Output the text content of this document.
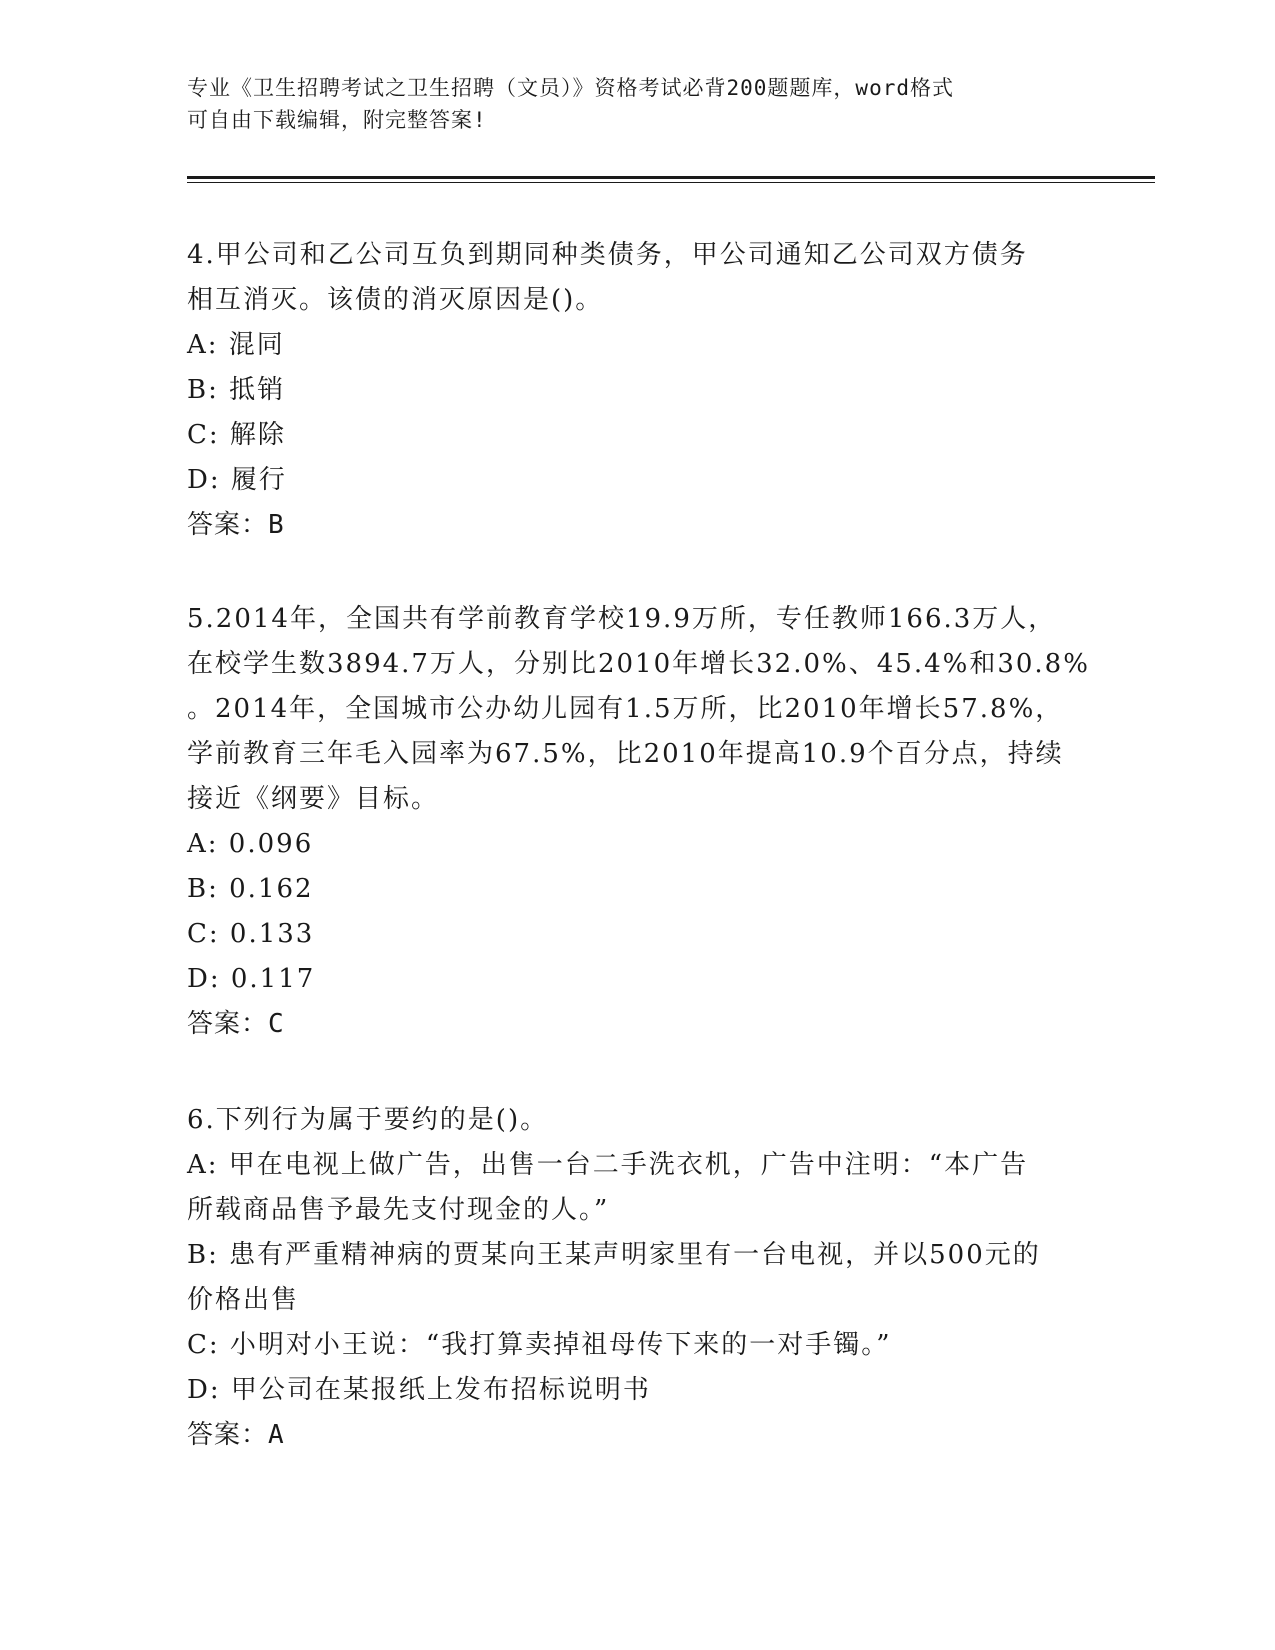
专业《卫生招聘考试之卫生招聘（文员）》资格考试必背200题题库，word格式

可自由下载编辑，附完整答案!

4.甲公司和乙公司互负到期同种类债务，甲公司通知乙公司双方债务

相互消灭。该债的消灭原因是()。

A: 混同

B: 抵销

C: 解除

D: 履行

答案：B

5.2014年，全国共有学前教育学校19.9万所，专任教师166.3万人，

在校学生数3894.7万人，分别比2010年增长32.0%、45.4%和30.8%

。2014年，全国城市公办幼儿园有1.5万所，比2010年增长57.8%，

学前教育三年毛入园率为67.5%，比2010年提高10.9个百分点，持续

接近《纲要》目标。

A: 0.096

B: 0.162

C: 0.133

D: 0.117

答案：C

6.下列行为属于要约的是()。

A: 甲在电视上做广告，出售一台二手洗衣机，广告中注明：“本广告

所载商品售予最先支付现金的人。”

B: 患有严重精神病的贾某向王某声明家里有一台电视，并以500元的

价格出售

C: 小明对小王说：“我打算卖掉祖母传下来的一对手镯。”

D: 甲公司在某报纸上发布招标说明书

答案：A
